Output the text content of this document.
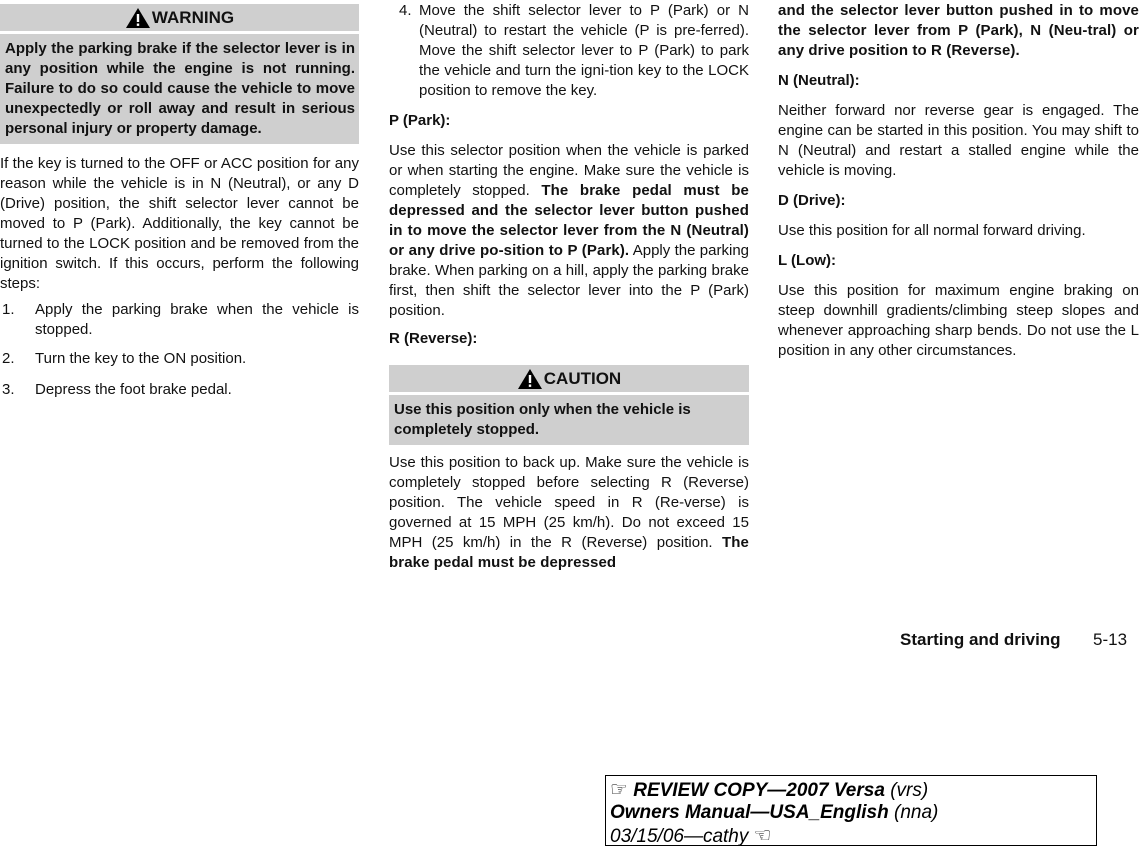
WARNING
Apply the parking brake if the selector lever is in any position while the engine is not running. Failure to do so could cause the vehicle to move unexpectedly or roll away and result in serious personal injury or property damage.

If the key is turned to the OFF or ACC position for any reason while the vehicle is in N (Neutral), or any D (Drive) position, the shift selector lever cannot be moved to P (Park). Additionally, the key cannot be turned to the LOCK position and be removed from the ignition switch. If this occurs, perform the following steps:

1.	Apply the parking brake when the vehicle is stopped.
2.	Turn the key to the ON position.
3.	Depress the foot brake pedal.
4. Move the shift selector lever to P (Park) or N (Neutral) to restart the vehicle (P is pre-ferred). Move the shift selector lever to P (Park) to park the vehicle and turn the igni-tion key to the LOCK position to remove the key.
P (Park):

Use this selector position when the vehicle is parked or when starting the engine. Make sure the vehicle is completely stopped. The brake pedal must be depressed and the selector lever button pushed in to move the selector lever from the N (Neutral) or any drive po-sition to P (Park). Apply the parking brake. When parking on a hill, apply the parking brake first, then shift the selector lever into the P (Park) position.

R (Reverse):
CAUTION
Use this position only when the vehicle is completely stopped.

Use this position to back up. Make sure the vehicle is completely stopped before selecting R (Reverse) position. The vehicle speed in R (Re-verse) is governed at 15 MPH (25 km/h). Do not exceed 15 MPH (25 km/h) in the R (Reverse) position. The brake pedal must be depressed

and the selector lever button pushed in to move the selector lever from P (Park), N (Neu-tral) or any drive position to R (Reverse).

N (Neutral):

Neither forward nor reverse gear is engaged. The engine can be started in this position. You may shift to N (Neutral) and restart a stalled engine while the vehicle is moving.

D (Drive):

Use this position for all normal forward driving.

L (Low):

Use this position for maximum engine braking on steep downhill gradients/climbing steep slopes and whenever approaching sharp bends. Do not use the L position in any other circumstances.

Starting and driving 5-13
☞ REVIEW COPY—2007 Versa (vrs)
Owners Manual—USA_English (nna)
03/15/06—cathy ☜
